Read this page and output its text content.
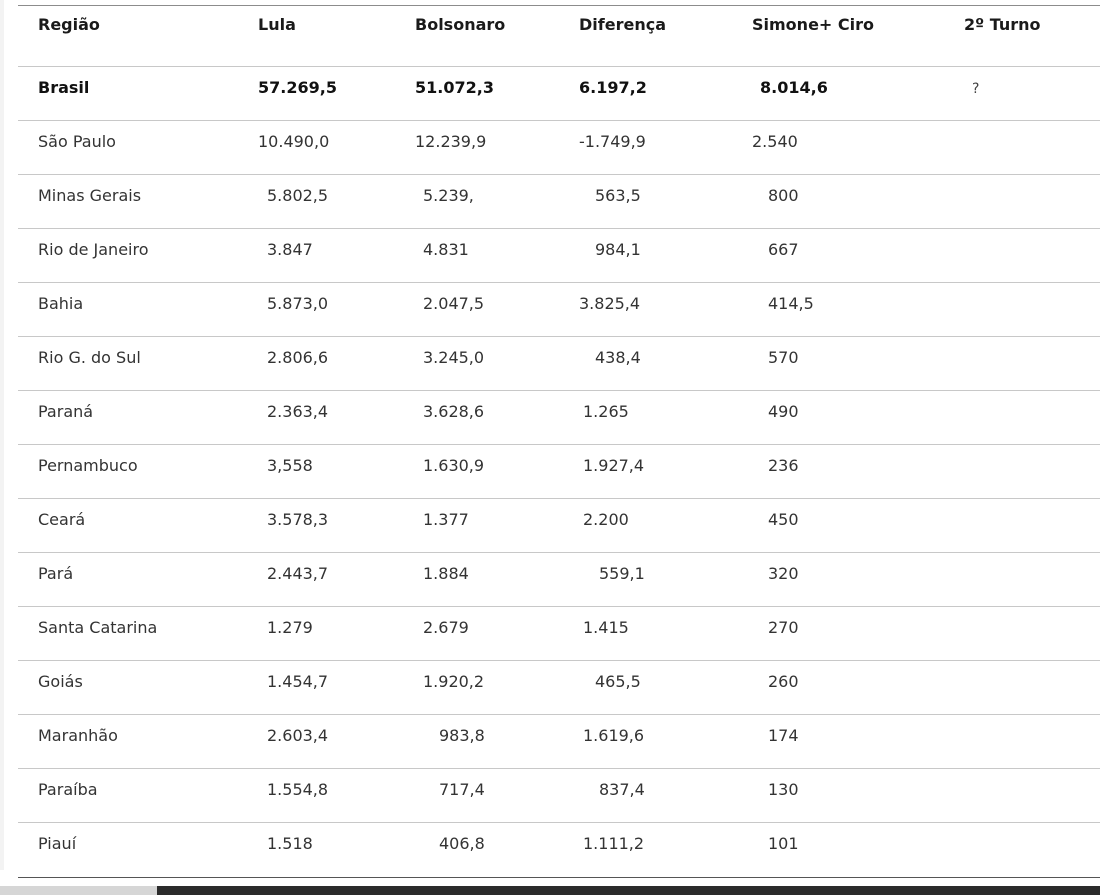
Região	Lula	Bolsonaro	Diferença	Simone+ Ciro	2º Turno
Brasil	57.269,5	51.072,3	6.197,2	8.014,6	?
São Paulo	10.490,0	12.239,9	-1.749,9	2.540	
Minas Gerais	5.802,5	5.239,	563,5	800	
Rio de Janeiro	3.847	4.831	984,1	667	
Bahia	5.873,0	2.047,5	3.825,4	414,5	
Rio G. do Sul	2.806,6	3.245,0	438,4	570	
Paraná	2.363,4	3.628,6	1.265	490	
Pernambuco	3,558	1.630,9	1.927,4	236	
Ceará	3.578,3	1.377	2.200	450	
Pará	2.443,7	1.884	559,1	320	
Santa Catarina	1.279	2.679	1.415	270	
Goiás	1.454,7	1.920,2	465,5	260	
Maranhão	2.603,4	983,8	1.619,6	174	
Paraíba	1.554,8	717,4	837,4	130	
Piauí	1.518	406,8	1.111,2	101	
